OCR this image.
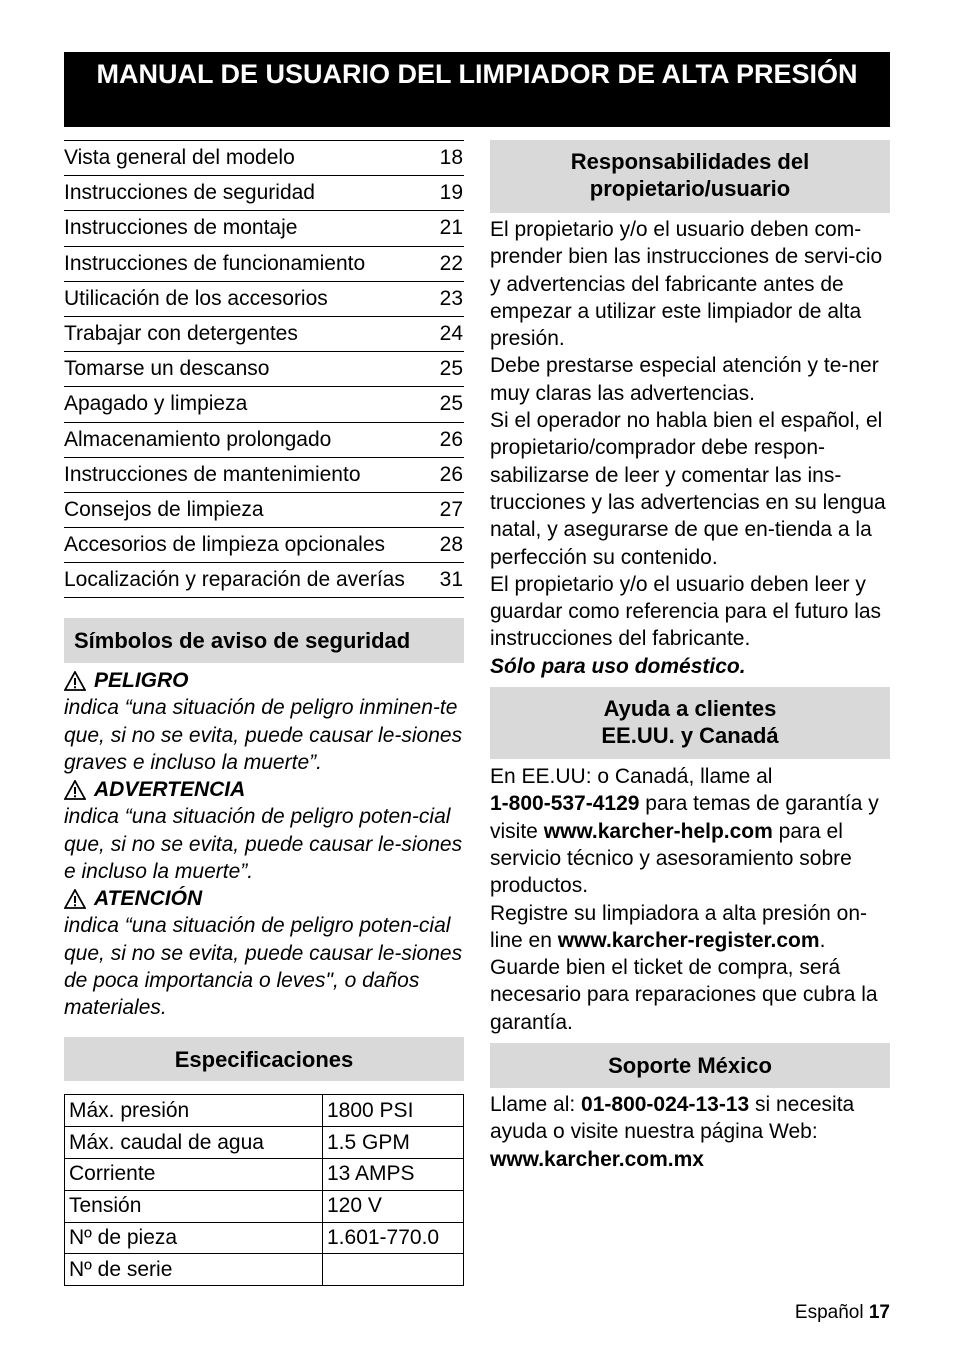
MANUAL DE USUARIO DEL LIMPIADOR DE ALTA PRESIÓN
Vista general del modelo	18
Instrucciones de seguridad	19
Instrucciones de montaje	21
Instrucciones de funcionamiento	22
Utilicación de los accesorios	23
Trabajar con detergentes	24
Tomarse un descanso	25
Apagado y limpieza	25
Almacenamiento prolongado	26
Instrucciones de mantenimiento	26
Consejos de limpieza	27
Accesorios de limpieza opcionales	28
Localización y reparación de averías 31
Símbolos de aviso de seguridad
PELIGRO
indica “una situación de peligro inminen-te que, si no se evita, puede causar le-siones graves e incluso la muerte”.
ADVERTENCIA
indica “una situación de peligro poten-cial que, si no se evita, puede causar le-siones e incluso la muerte”.
ATENCIÓN
indica “una situación de peligro poten-cial que, si no se evita, puede causar le-siones de poca importancia o leves", o daños materiales.
Especificaciones
Máx. presión	1800 PSI
Máx. caudal de agua	1.5 GPM
Corriente	13 AMPS
Tensión	120 V
Nº de pieza	1.601-770.0
Nº de serie	
Responsabilidades del
propietario/usuario
El propietario y/o el usuario deben com-prender bien las instrucciones de servi-cio y advertencias del fabricante antes de empezar a utilizar este limpiador de alta presión.
Debe prestarse especial atención y te-ner muy claras las advertencias.
Si el operador no habla bien el español, el propietario/comprador debe respon-sabilizarse de leer y comentar las ins-trucciones y las advertencias en su lengua natal, y asegurarse de que en-tienda a la perfección su contenido.
El propietario y/o el usuario deben leer y guardar como referencia para el futuro las instrucciones del fabricante.
Sólo para uso doméstico.
Ayuda a clientes
EE.UU. y Canadá
En EE.UU: o Canadá, llame al
1-800-537-4129 para temas de garantía y visite www.karcher-help.com para el servicio técnico y asesoramiento sobre productos.
Registre su limpiadora a alta presión on-line en www.karcher-register.com.
Guarde bien el ticket de compra, será necesario para reparaciones que cubra la garantía.
Soporte México
Llame al: 01-800-024-13-13 si necesita ayuda o visite nuestra página Web:
www.karcher.com.mx
Español 17
